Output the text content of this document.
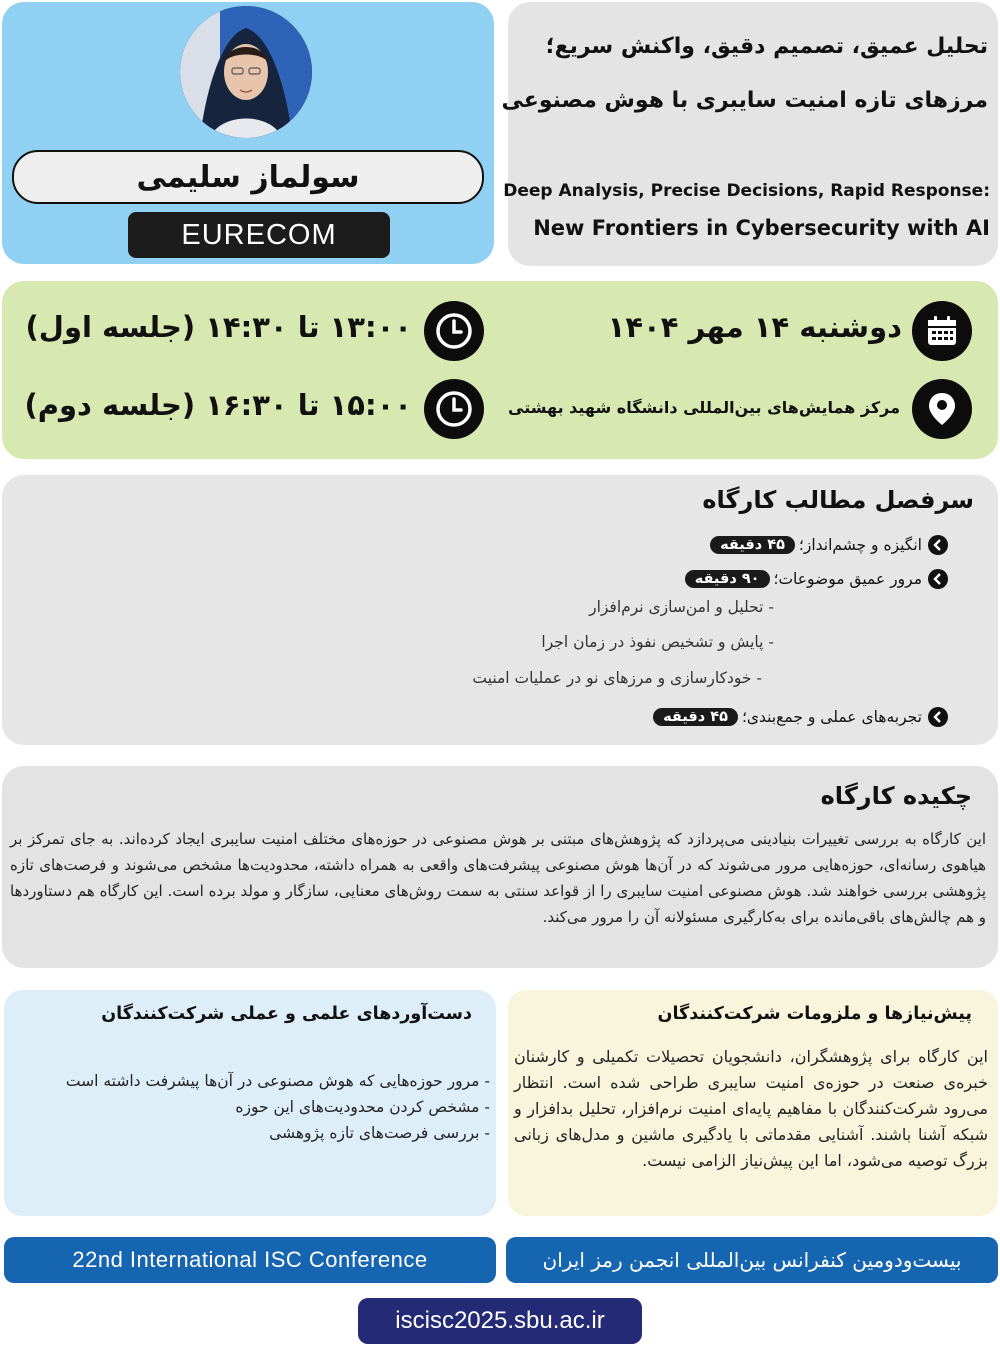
سولماز سلیمی
EURECOM
تحلیل عمیق، تصمیم دقیق، واکنش سریع؛
مرزهای تازه امنیت سایبری با هوش مصنوعی
Deep Analysis, Precise Decisions, Rapid Response:
New Frontiers in Cybersecurity with AI
دوشنبه ۱۴ مهر ۱۴۰۴
مرکز همایش‌های بین‌المللی دانشگاه شهید بهشتی
۱۳:۰۰ تا ۱۴:۳۰ (جلسه اول)
۱۵:۰۰ تا ۱۶:۳۰ (جلسه دوم)
سرفصل مطالب کارگاه
انگیزه و چشم‌انداز؛
۴۵ دقیقه
مرور عمیق موضوعات؛
۹۰ دقیقه
- تحلیل و امن‌سازی نرم‌افزار
- پایش و تشخیص نفوذ در زمان اجرا
- خودکارسازی و مرزهای نو در عملیات امنیت
تجربه‌های عملی و جمع‌بندی؛
۴۵ دقیقه
چکیده کارگاه
این کارگاه به بررسی تغییرات بنیادینی می‌پردازد که پژوهش‌های مبتنی بر هوش مصنوعی در حوزه‌های مختلف امنیت سایبری ایجاد کرده‌اند. به جای تمرکز بر هیاهوی رسانه‌ای، حوزه‌هایی مرور می‌شوند که در آن‌ها هوش مصنوعی پیشرفت‌های واقعی به همراه داشته، محدودیت‌ها مشخص می‌شوند و فرصت‌های تازه پژوهشی بررسی خواهند شد. هوش مصنوعی امنیت سایبری را از قواعد سنتی به سمت روش‌های معنایی، سازگار و مولد برده است. این کارگاه هم دستاوردها و هم چالش‌های باقی‌مانده برای به‌کارگیری مسئولانه آن را مرور می‌کند.
دست‌آوردهای علمی و عملی شرکت‌کنندگان
- مرور حوزه‌هایی که هوش مصنوعی در آن‌ها پیشرفت داشته است
- مشخص کردن محدودیت‌های این حوزه
- بررسی فرصت‌های تازه پژوهشی
پیش‌نیازها و ملزومات شرکت‌کنندگان
این کارگاه برای پژوهشگران، دانشجویان تحصیلات تکمیلی و کارشنان خبره‌ی صنعت در حوزه‌ی امنیت سایبری طراحی شده است. انتظار می‌رود شرکت‌کنندگان با مفاهیم پایه‌ای امنیت نرم‌افزار، تحلیل بدافزار و شبکه آشنا باشند. آشنایی مقدماتی با یادگیری ماشین و مدل‌های زبانی بزرگ توصیه می‌شود، اما این پیش‌نیاز الزامی نیست.
22nd International ISC Conference	بیست‌ودومین کنفرانس بین‌المللی انجمن رمز ایران
iscisc2025.sbu.ac.ir
